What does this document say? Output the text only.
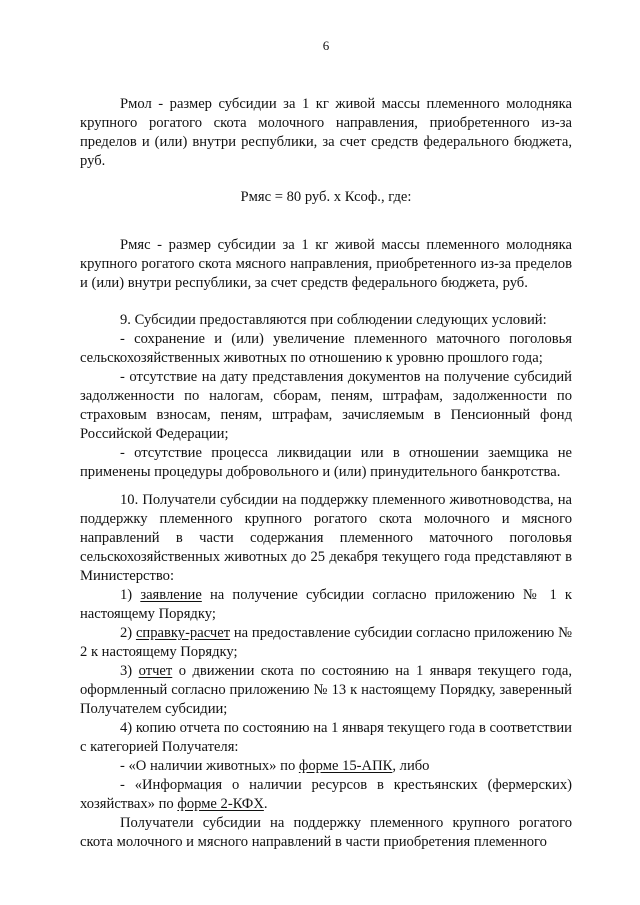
6

Рмол - размер субсидии за 1 кг живой массы племенного молодняка крупного рогатого скота молочного направления, приобретенного из-за пределов и (или) внутри республики, за счет средств федерального бюджета, руб.

Рмяс = 80 руб. х Ксоф., где:

Рмяс - размер субсидии за 1 кг живой массы племенного молодняка крупного рогатого скота мясного направления, приобретенного из-за пределов и (или) внутри республики, за счет средств федерального бюджета, руб.

9. Субсидии предоставляются при соблюдении следующих условий:

- сохранение и (или) увеличение племенного маточного поголовья сельскохозяйственных животных по отношению к уровню прошлого года;

- отсутствие на дату представления документов на получение субсидий задолженности по налогам, сборам, пеням, штрафам, задолженности по страховым взносам, пеням, штрафам, зачисляемым в Пенсионный фонд Российской Федерации;

- отсутствие процесса ликвидации или в отношении заемщика не применены процедуры добровольного и (или) принудительного банкротства.

10. Получатели субсидии на поддержку племенного животноводства, на поддержку племенного крупного рогатого скота молочного и мясного направлений в части содержания племенного маточного поголовья сельскохозяйственных животных до 25 декабря текущего года представляют в Министерство:

1) заявление на получение субсидии согласно приложению № 1 к настоящему Порядку;

2) справку-расчет на предоставление субсидии согласно приложению № 2 к настоящему Порядку;

3) отчет о движении скота по состоянию на 1 января текущего года, оформленный согласно приложению № 13 к настоящему Порядку, заверенный Получателем субсидии;

4) копию отчета по состоянию на 1 января текущего года в соответствии с категорией Получателя:

- «О наличии животных» по форме 15-АПК, либо

- «Информация о наличии ресурсов в крестьянских (фермерских) хозяйствах» по форме 2-КФХ.

Получатели субсидии на поддержку племенного крупного рогатого скота молочного и мясного направлений в части приобретения племенного
